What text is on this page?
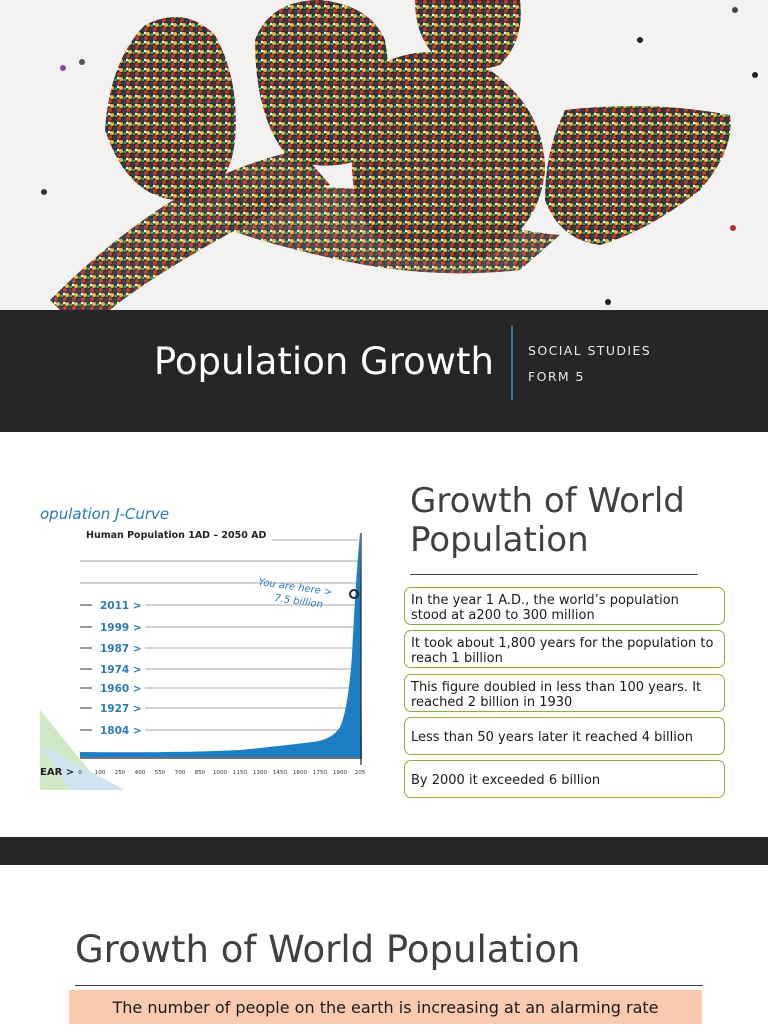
Population Growth	SOCIAL STUDIES
FORM 5
opulation J-Curve
Human Population 1AD – 2050 AD
You are here >
7.5 billion
2011 >
1999 >
1987 >
1974 >
1960 >
1927 >
1804 >
EAR > 0 100 250 400 550 700 850 1000 1150 1300 1450 1600 1750 1900 205
Growth of World Population
In the year 1 A.D., the world’s population stood at a200 to 300 million
It took about 1,800 years for the population to reach 1 billion
This figure doubled in less than 100 years. It reached 2 billion in 1930
Less than 50 years later it reached 4 billion
By 2000 it exceeded 6 billion
Growth of World Population
The number of people on the earth is increasing at an alarming rate
